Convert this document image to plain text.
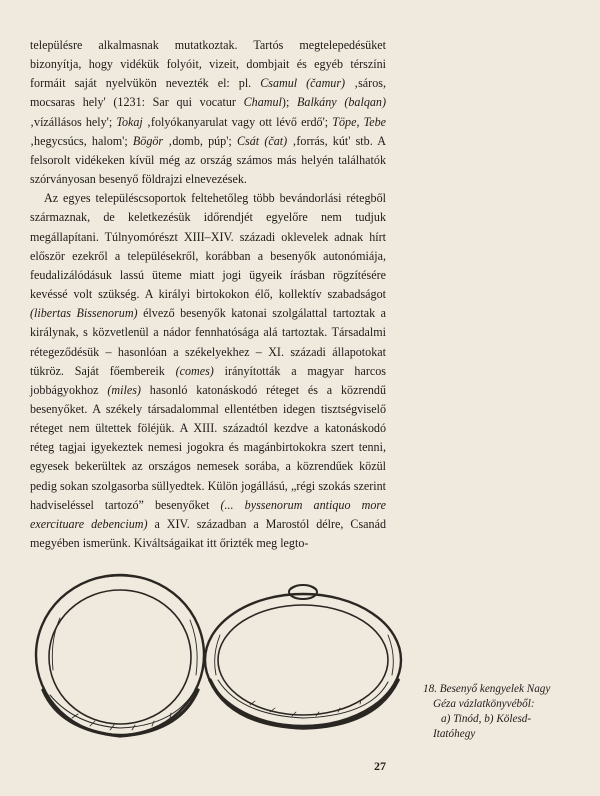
településre alkalmasnak mutatkoztak. Tartós megtelepedésüket bizonyítja, hogy vidékük folyóit, vizeit, dombjait és egyéb térszíni formáit saját nyelvükön nevezték el: pl. Csamul (čamur) ‚sáros, mocsaras hely' (1231: Sar qui vocatur Chamul); Balkány (balqan) ‚vízállásos hely'; Tokaj ‚folyókanyarulat vagy ott lévő erdő'; Töpe, Tebe ‚hegycsúcs, halom'; Bögör ‚domb, púp'; Csát (čat) ‚forrás, kút' stb. A felsorolt vidékeken kívül még az ország számos más helyén találhatók szórványosan besenyő földrajzi elnevezések.

Az egyes településcsoportok feltehetőleg több bevándorlási rétegből származnak, de keletkezésük időrendjét egyelőre nem tudjuk megállapítani. Túlnyomórészt XIII–XIV. századi oklevelek adnak hírt először ezekről a településekről, korábban a besenyők autonómiája, feudalizálódásuk lassú üteme miatt jogi ügyeik írásban rögzítésére kevéssé volt szükség. A királyi birtokokon élő, kollektív szabadságot (libertas Bissenorum) élvező besenyők katonai szolgálattal tartoztak a királynak, s közvetlenül a nádor fennhatósága alá tartoztak. Társadalmi rétegeződésük – hasonlóan a székelyekhez – XI. századi állapotokat tükröz. Saját főembereik (comes) irányították a magyar harcos jobbágyokhoz (miles) hasonló katonáskodó réteget és a közrendű besenyőket. A székely társadalommal ellentétben idegen tisztségviselő réteget nem ültettek föléjük. A XIII. századtól kezdve a katonáskodó réteg tagjai igyekeztek nemesi jogokra és magánbirtokokra szert tenni, egyesek bekerültek az országos nemesek sorába, a közrendűek közül pedig sokan szolgasorba süllyedtek. Külön jogállású, „régi szokás szerint hadviseléssel tartozó” besenyőket (... byssenorum antiquo more exercituare debencium) a XIV. században a Marostól délre, Csanád megyében ismerünk. Kiváltságaikat itt őrizték meg legto-

18. Besenyő kengyelek Nagy
Géza vázlatkönyvéből:
a) Tinód, b) Kölesd-
Itatóhegy
27
